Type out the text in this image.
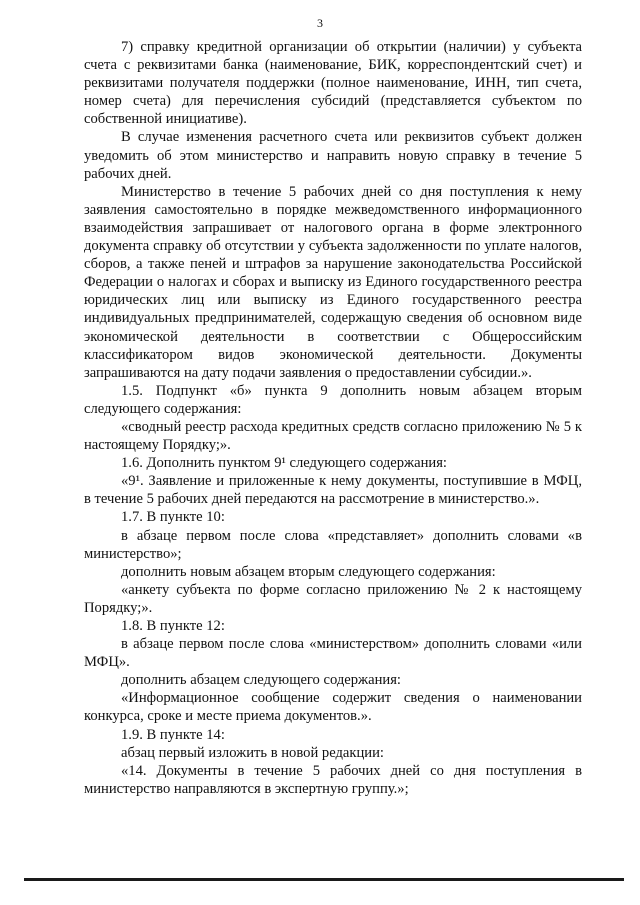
3

7) справку кредитной организации об открытии (наличии) у субъекта счета с реквизитами банка (наименование, БИК, корреспондентский счет) и реквизитами получателя поддержки (полное наименование, ИНН, тип счета, номер счета) для перечисления субсидий (представляется субъектом по собственной инициативе).

В случае изменения расчетного счета или реквизитов субъект должен уведомить об этом министерство и направить новую справку в течение 5 рабочих дней.

Министерство в течение 5 рабочих дней со дня поступления к нему заявления самостоятельно в порядке межведомственного информационного взаимодействия запрашивает от налогового органа в форме электронного документа справку об отсутствии у субъекта задолженности по уплате налогов, сборов, а также пеней и штрафов за нарушение законодательства Российской Федерации о налогах и сборах и выписку из Единого государственного реестра юридических лиц или выписку из Единого государственного реестра индивидуальных предпринимателей, содержащую сведения об основном виде экономической деятельности в соответствии с Общероссийским классификатором видов экономической деятельности. Документы запрашиваются на дату подачи заявления о предоставлении субсидии.».

1.5. Подпункт «б» пункта 9 дополнить новым абзацем вторым следующего содержания:

«сводный реестр расхода кредитных средств согласно приложению № 5 к настоящему Порядку;».

1.6. Дополнить пунктом 9¹ следующего содержания:

«9¹. Заявление и приложенные к нему документы, поступившие в МФЦ, в течение 5 рабочих дней передаются на рассмотрение в министерство.».

1.7. В пункте 10:

в абзаце первом после слова «представляет» дополнить словами «в министерство»;

дополнить новым абзацем вторым следующего содержания:

«анкету субъекта по форме согласно приложению № 2 к настоящему Порядку;».

1.8. В пункте 12:

в абзаце первом после слова «министерством» дополнить словами «или МФЦ».

дополнить абзацем следующего содержания:

«Информационное сообщение содержит сведения о наименовании конкурса, сроке и месте приема документов.».

1.9. В пункте 14:

абзац первый изложить в новой редакции:

«14. Документы в течение 5 рабочих дней со дня поступления в министерство направляются в экспертную группу.»;
